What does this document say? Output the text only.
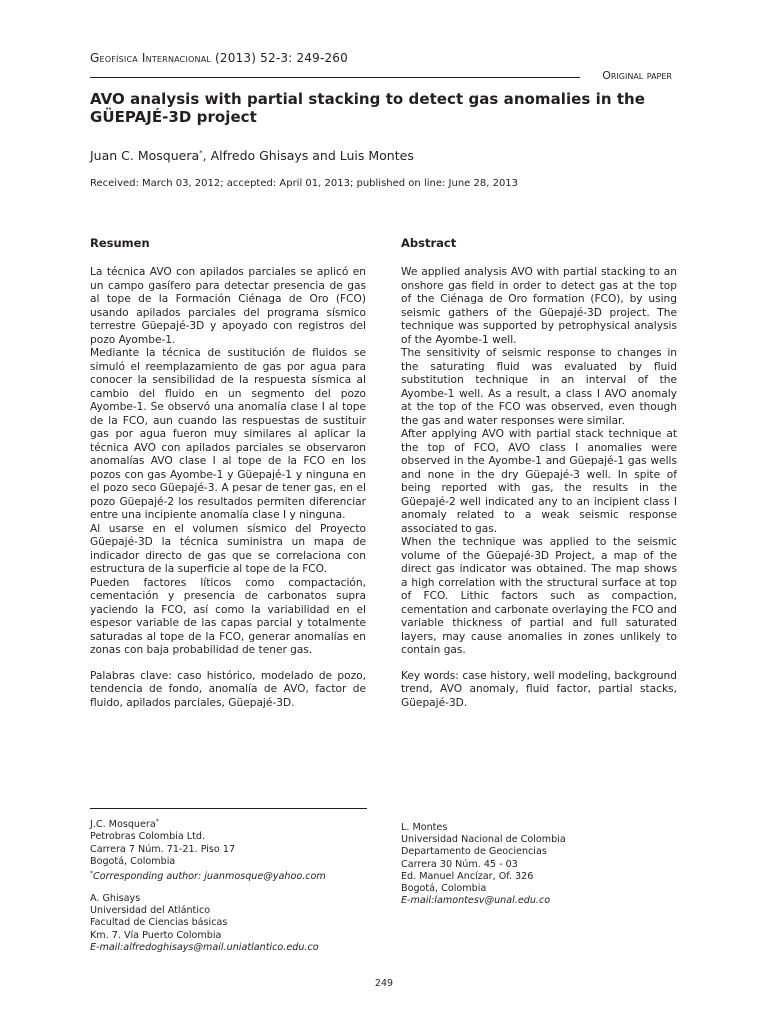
Geofísica Internacional (2013) 52-3: 249-260
Original paper
AVO analysis with partial stacking to detect gas anomalies in the GÜEPAJÉ-3D project
Juan C. Mosquera*, Alfredo Ghisays and Luis Montes
Received: March 03, 2012; accepted: April 01, 2013; published on line: June 28, 2013
Resumen

La técnica AVO con apilados parciales se aplicó en un campo gasífero para detectar presencia de gas al tope de la Formación Ciénaga de Oro (FCO) usando apilados parciales del programa sísmico terrestre Güepajé-3D y apoyado con registros del pozo Ayombe-1.

Mediante la técnica de sustitución de fluidos se simuló el reemplazamiento de gas por agua para conocer la sensibilidad de la respuesta sísmica al cambio del fluido en un segmento del pozo Ayombe-1. Se observó una anomalía clase I al tope de la FCO, aun cuando las respuestas de sustituir gas por agua fueron muy similares al aplicar la técnica AVO con apilados parciales se observaron anomalías AVO clase I al tope de la FCO en los pozos con gas Ayombe-1 y Güepajé-1 y ninguna en el pozo seco Güepajé-3. A pesar de tener gas, en el pozo Güepajé-2 los resultados permiten diferenciar entre una incipiente anomalía clase I y ninguna.

Al usarse en el volumen sísmico del Proyecto Güepajé-3D la técnica suministra un mapa de indicador directo de gas que se correlaciona con estructura de la superficie al tope de la FCO.

Pueden factores líticos como compactación, cementación y presencia de carbonatos supra yaciendo la FCO, así como la variabilidad en el espesor variable de las capas parcial y totalmente saturadas al tope de la FCO, generar anomalías en zonas con baja probabilidad de tener gas.

Palabras clave: caso histórico, modelado de pozo, tendencia de fondo, anomalía de AVO, factor de fluido, apilados parciales, Güepajé-3D.

Abstract

We applied analysis AVO with partial stacking to an onshore gas field in order to detect gas at the top of the Ciénaga de Oro formation (FCO), by using seismic gathers of the Güepajé-3D project. The technique was supported by petrophysical analysis of the Ayombe-1 well.

The sensitivity of seismic response to changes in the saturating fluid was evaluated by fluid substitution technique in an interval of the Ayombe-1 well. As a result, a class I AVO anomaly at the top of the FCO was observed, even though the gas and water responses were similar.

After applying AVO with partial stack technique at the top of FCO, AVO class I anomalies were observed in the Ayombe-1 and Güepajé-1 gas wells and none in the dry Güepajé-3 well. In spite of being reported with gas, the results in the Güepajé-2 well indicated any to an incipient class I anomaly related to a weak seismic response associated to gas.

When the technique was applied to the seismic volume of the Güepajé-3D Project, a map of the direct gas indicator was obtained. The map shows a high correlation with the structural surface at top of FCO. Lithic factors such as compaction, cementation and carbonate overlaying the FCO and variable thickness of partial and full saturated layers, may cause anomalies in zones unlikely to contain gas.

Key words: case history, well modeling, background trend, AVO anomaly, fluid factor, partial stacks, Güepajé-3D.

J.C. Mosquera*
Petrobras Colombia Ltd.
Carrera 7 Núm. 71-21. Piso 17
Bogotá, Colombia
*Corresponding author: juanmosque@yahoo.com
A. Ghisays
Universidad del Atlántico
Facultad de Ciencias básicas
Km. 7. Vía Puerto Colombia
E-mail:alfredoghisays@mail.uniatlantico.edu.co
L. Montes
Universidad Nacional de Colombia
Departamento de Geociencias
Carrera 30 Núm. 45 - 03
Ed. Manuel Ancízar, Of. 326
Bogotá, Colombia
E-mail:lamontesv@unal.edu.co
249
